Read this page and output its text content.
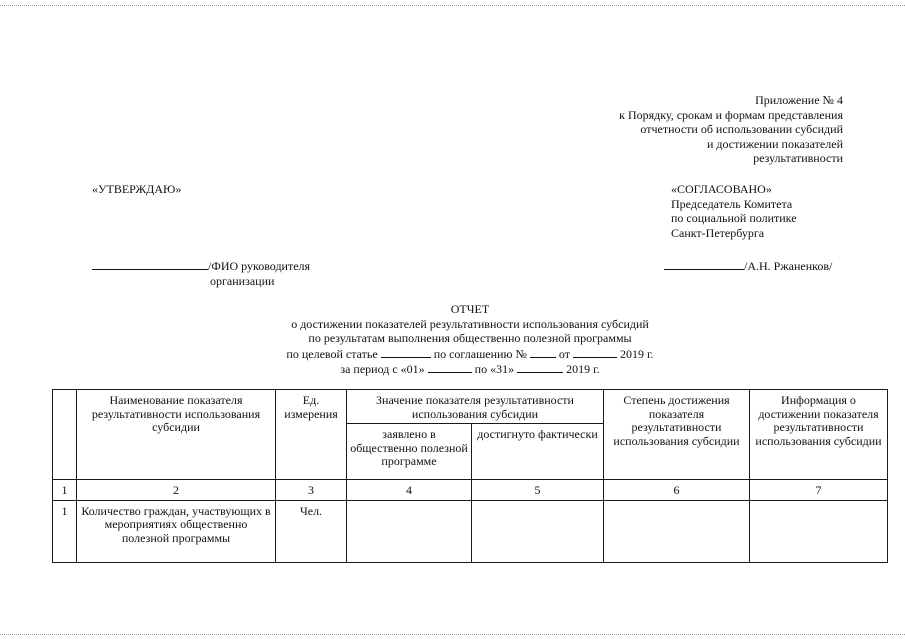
Приложение № 4
к Порядку, срокам и формам представления
отчетности об использовании субсидий
и достижении показателей
результативности
«УТВЕРЖДАЮ»	«СОГЛАСОВАНО»
Председатель Комитета
по социальной политике
Санкт-Петербурга
/ФИО руководителя
организации
/А.Н. Ржаненков/
ОТЧЕТ
о достижении показателей результативности использования субсидий
по результатам выполнения общественно полезной программы
по целевой статье	по соглашению №	от	2019 г.
за период с «01»	по «31»	2019 г.
	Наименование показателя результативности использования субсидии	Ед. измерения	Значение показателя результативности использования субсидии		Степень достижения показателя результативности использования субсидии	Информация о достижении показателя результативности использования субсидии
			заявлено в общественно полезной программе	достигнуто фактически		
1	2	3	4	5	6	7
1	Количество граждан, участвующих в мероприятиях общественно полезной программы	Чел.				
